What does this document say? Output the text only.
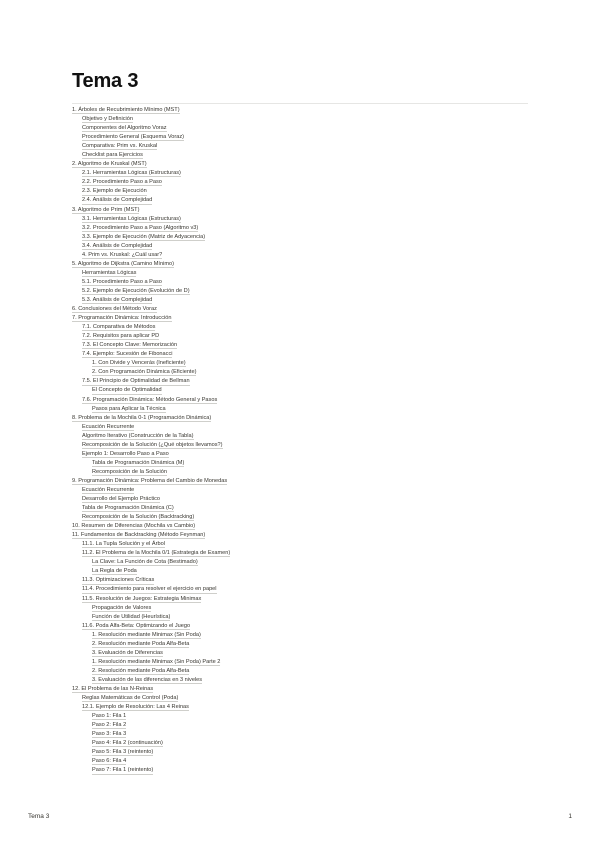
Tema 3
1. Árboles de Recubrimiento Mínimo (MST)
Objetivo y Definición
Componentes del Algoritmo Voraz
Procedimiento General (Esquema Voraz)
Comparativa: Prim vs. Kruskal
Checklist para Ejercicios
2. Algoritmo de Kruskal (MST)
2.1. Herramientas Lógicas (Estructuras)
2.2. Procedimiento Paso a Paso
2.3. Ejemplo de Ejecución
2.4. Análisis de Complejidad
3. Algoritmo de Prim (MST)
3.1. Herramientas Lógicas (Estructuras)
3.2. Procedimiento Paso a Paso (Algoritmo v3)
3.3. Ejemplo de Ejecución (Matriz de Adyacencia)
3.4. Análisis de Complejidad
4. Prim vs. Kruskal: ¿Cuál usar?
5. Algoritmo de Dijkstra (Camino Mínimo)
Herramientas Lógicas
5.1. Procedimiento Paso a Paso
5.2. Ejemplo de Ejecución (Evolución de D)
5.3. Análisis de Complejidad
6. Conclusiones del Método Voraz
7. Programación Dinámica: Introducción
7.1. Comparativa de Métodos
7.2. Requisitos para aplicar PD
7.3. El Concepto Clave: Memorización
7.4. Ejemplo: Sucesión de Fibonacci
1. Con Divide y Vencerás (Ineficiente)
2. Con Programación Dinámica (Eficiente)
7.5. El Principio de Optimalidad de Bellman
El Concepto de Optimalidad
7.6. Programación Dinámica: Método General y Pasos
Pasos para Aplicar la Técnica
8. Problema de la Mochila 0-1 (Programación Dinámica)
Ecuación Recurrente
Algoritmo Iterativo (Construcción de la Tabla)
Recomposición de la Solución (¿Qué objetos llevamos?)
Ejemplo 1: Desarrollo Paso a Paso
Tabla de Programación Dinámica (M)
Recomposición de la Solución
9. Programación Dinámica: Problema del Cambio de Monedas
Ecuación Recurrente
Desarrollo del Ejemplo Práctico
Tabla de Programación Dinámica (C)
Recomposición de la Solución (Backtracking)
10. Resumen de Diferencias (Mochila vs Cambio)
11. Fundamentos de Backtracking (Método Feynman)
11.1. La Tupla Solución y el Árbol
11.2. El Problema de la Mochila 0/1 (Estrategia de Examen)
La Clave: La Función de Cota (Bestimado)
La Regla de Poda
11.3. Optimizaciones Críticas
11.4. Procedimiento para resolver el ejercicio en papel
11.5. Resolución de Juegos: Estrategia Minimax
Propagación de Valores
Función de Utilidad (Heurística)
11.6. Poda Alfa-Beta: Optimizando el Juego
1. Resolución mediante Minimax (Sin Poda)
2. Resolución mediante Poda Alfa-Beta
3. Evaluación de Diferencias
1. Resolución mediante Minimax (Sin Poda) Parte 2
2. Resolución mediante Poda Alfa-Beta
3. Evaluación de las diferencias en 3 niveles
12. El Problema de las N-Reinas
Reglas Matemáticas de Control (Poda)
12.1. Ejemplo de Resolución: Las 4 Reinas
Paso 1: Fila 1
Paso 2: Fila 2
Paso 3: Fila 3
Paso 4: Fila 2 (continuación)
Paso 5: Fila 3 (reintento)
Paso 6: Fila 4
Paso 7: Fila 1 (reintento)
Tema 3	1
